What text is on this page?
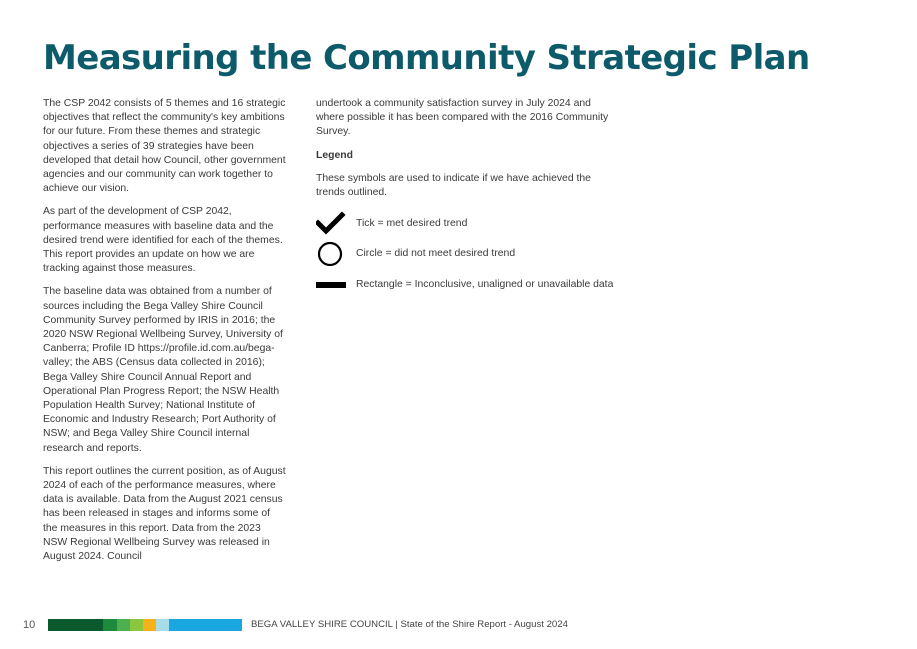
Measuring the Community Strategic Plan

The CSP 2042 consists of 5 themes and 16 strategic objectives that reflect the community's key ambitions for our future. From these themes and strategic objectives a series of 39 strategies have been developed that detail how Council, other government agencies and our community can work together to achieve our vision.

As part of the development of CSP 2042, performance measures with baseline data and the desired trend were identified for each of the themes. This report provides an update on how we are tracking against those measures.

The baseline data was obtained from a number of sources including the Bega Valley Shire Council Community Survey performed by IRIS in 2016; the 2020 NSW Regional Wellbeing Survey, University of Canberra; Profile ID https://profile.id.com.au/bega-valley; the ABS (Census data collected in 2016); Bega Valley Shire Council Annual Report and Operational Plan Progress Report; the NSW Health Population Health Survey; National Institute of Economic and Industry Research; Port Authority of NSW; and Bega Valley Shire Council internal research and reports.

This report outlines the current position, as of August 2024 of each of the performance measures, where data is available. Data from the August 2021 census has been released in stages and informs some of the measures in this report. Data from the 2023 NSW Regional Wellbeing Survey was released in August 2024. Council

undertook a community satisfaction survey in July 2024 and where possible it has been compared with the 2016 Community Survey.

Legend

These symbols are used to indicate if we have achieved the trends outlined.

Tick = met desired trend
Circle = did not meet desired trend
Rectangle = Inconclusive, unaligned or unavailable data
10	BEGA VALLEY SHIRE COUNCIL | State of the Shire Report - August 2024
